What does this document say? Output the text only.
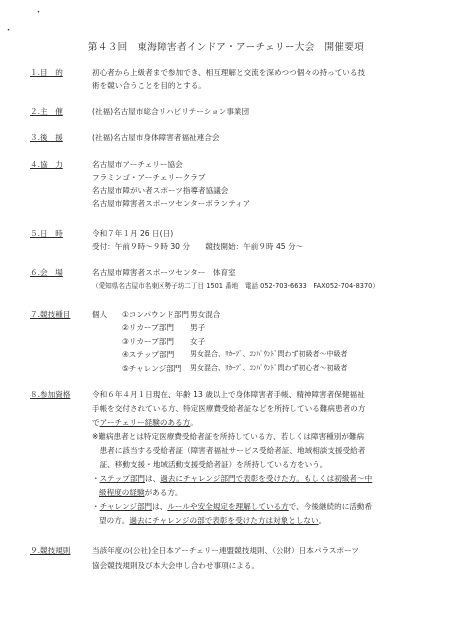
・
・
第４３回　東海障害者インドア・アーチェリー大会　開催要項
１.目　的	初心者から上級者まで参加でき、相互理解と交流を深めつつ個々の持っている技

術を競い合うことを目的とする。

２.主　催	(社福)名古屋市総合リハビリテーション事業団
３.後　援	(社福)名古屋市身体障害者福祉連合会
４.協　力	名古屋市アーチェリー協会
フラミンゴ・アーチェリークラブ
名古屋市障がい者スポーツ指導者協議会
名古屋市障害者スポーツセンターボランティア
５.日　時	令和７年１月 26 日(日)
受付：午前９時～９時 30 分　　競技開始：午前９時 45 分～
６.会　場	名古屋市障害者スポーツセンター　体育室
（愛知県名古屋市名東区勢子坊二丁目 1501 番地　電話 052-703-6633　FAX052-704-8370）
７.競技種目	個人 ①コンパウンド部門 男女混合
②リカーブ部門 男子
③リカーブ部門 女子
④ステップ部門 男女混合、ﾘｶｰﾌﾞ、ｺﾝﾊﾟｳﾝﾄﾞ問わず初級者～中級者
⑤チャレンジ部門 男女混合、ﾘｶｰﾌﾞ、ｺﾝﾊﾟｳﾝﾄﾞ問わず初心者～初級者
８.参加資格	令和６年４月１日現在、年齢 13 歳以上で身体障害者手帳、精神障害者保健福祉
手帳を交付されている方、特定医療費受給者証などを所持している難病患者の方
でアーチェリー経験のある方。
※難病患者とは特定医療費受給者証を所持している方、若しくは障害種別が難病
　患者に該当する受給者証（障害者福祉サービス受給者証、地域相談支援受給者
　証、移動支援・地域活動支援受給者証）を所持している方をいう。
・ステップ部門は、過去にチャレンジ部門で表彰を受けた方。もしくは初級者～中
級程度の経験がある方。
・チャレンジ部門は、ルールや安全規定を理解している方で、今後継続的に活動希
望の方。過去にチャレンジの部で表彰を受けた方は対象としない。
９.競技規則	当該年度の(公社)全日本アーチェリー連盟競技規則、（公財）日本パラスポーツ
協会競技規則及び本大会申し合わせ事項による。
